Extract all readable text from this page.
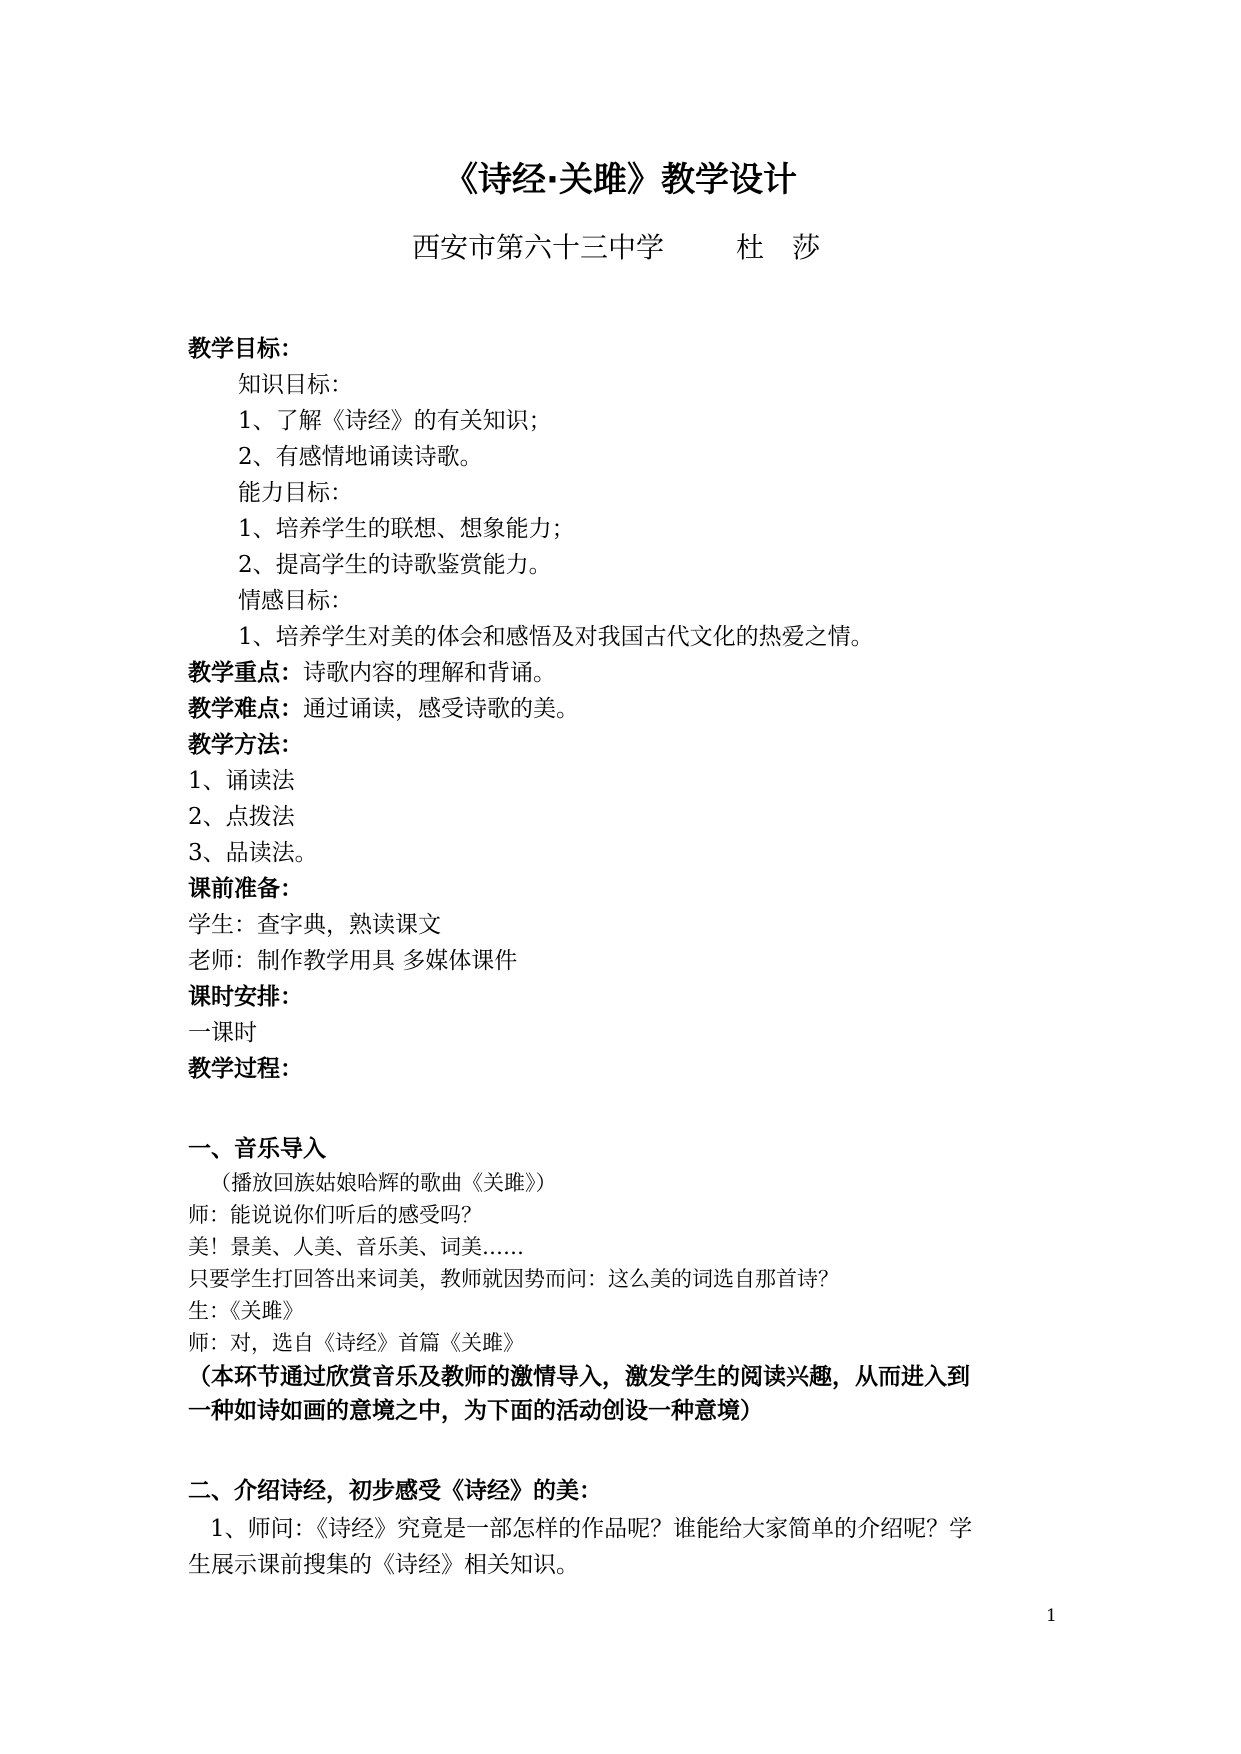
《诗经·关雎》教学设计
西安市第六十三中学	杜 莎
教学目标：
知识目标：
1、了解《诗经》的有关知识；
2、有感情地诵读诗歌。
能力目标：
1、培养学生的联想、想象能力；
2、提高学生的诗歌鉴赏能力。
情感目标：
1、培养学生对美的体会和感悟及对我国古代文化的热爱之情。
教学重点：诗歌内容的理解和背诵。
教学难点：通过诵读，感受诗歌的美。
教学方法：
1、诵读法
2、点拨法
3、品读法。
课前准备：
学生：查字典，熟读课文
老师：制作教学用具 多媒体课件
课时安排：
一课时
教学过程：
一、音乐导入
（播放回族姑娘哈辉的歌曲《关雎》）
师：能说说你们听后的感受吗？
美！景美、人美、音乐美、词美……
只要学生打回答出来词美，教师就因势而问：这么美的词选自那首诗？
生：《关雎》
师：对，选自《诗经》首篇《关雎》
（本环节通过欣赏音乐及教师的激情导入，激发学生的阅读兴趣，从而进入到
一种如诗如画的意境之中，为下面的活动创设一种意境）
二、介绍诗经，初步感受《诗经》的美：
1、师问：《诗经》究竟是一部怎样的作品呢？谁能给大家简单的介绍呢？学
生展示课前搜集的《诗经》相关知识。
1
